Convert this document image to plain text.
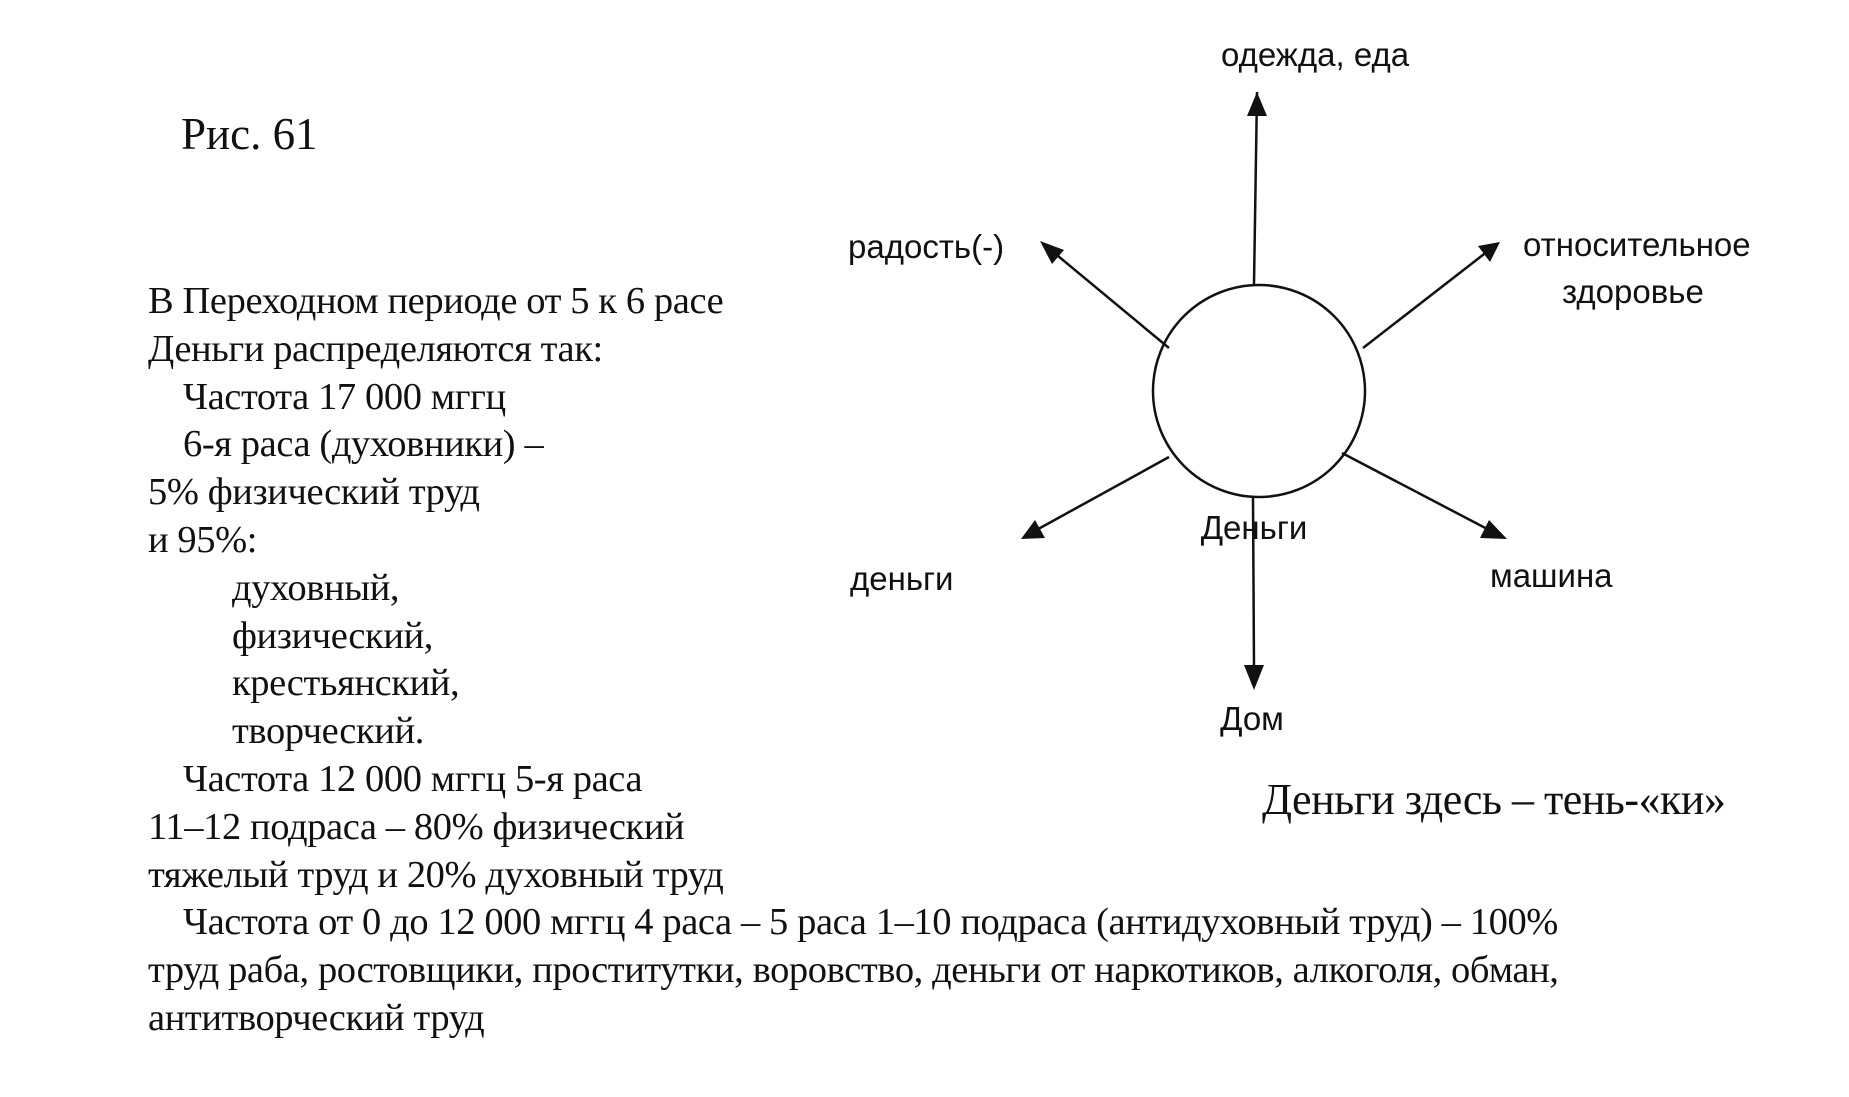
Рис. 61
В Переходном периоде от 5 к 6 расе
Деньги распределяются так:
Частота 17 000 мггц
6-я раса (духовники) –
5% физический труд
и 95%:
духовный,
физический,
крестьянский,
творческий.
Частота 12 000 мггц 5-я раса
11–12 подраса – 80% физический
тяжелый труд и 20% духовный труд
Частота от 0 до 12 000 мггц 4 раса – 5 раса 1–10 подраса (антидуховный труд) – 100%
труд раба, ростовщики, проститутки, воровство, деньги от наркотиков, алкоголя, обман,
антитворческий труд
одежда, еда
относительное
здоровье
радость(-)
деньги	машина
Дом
Деньги
Деньги здесь – тень-«ки»
